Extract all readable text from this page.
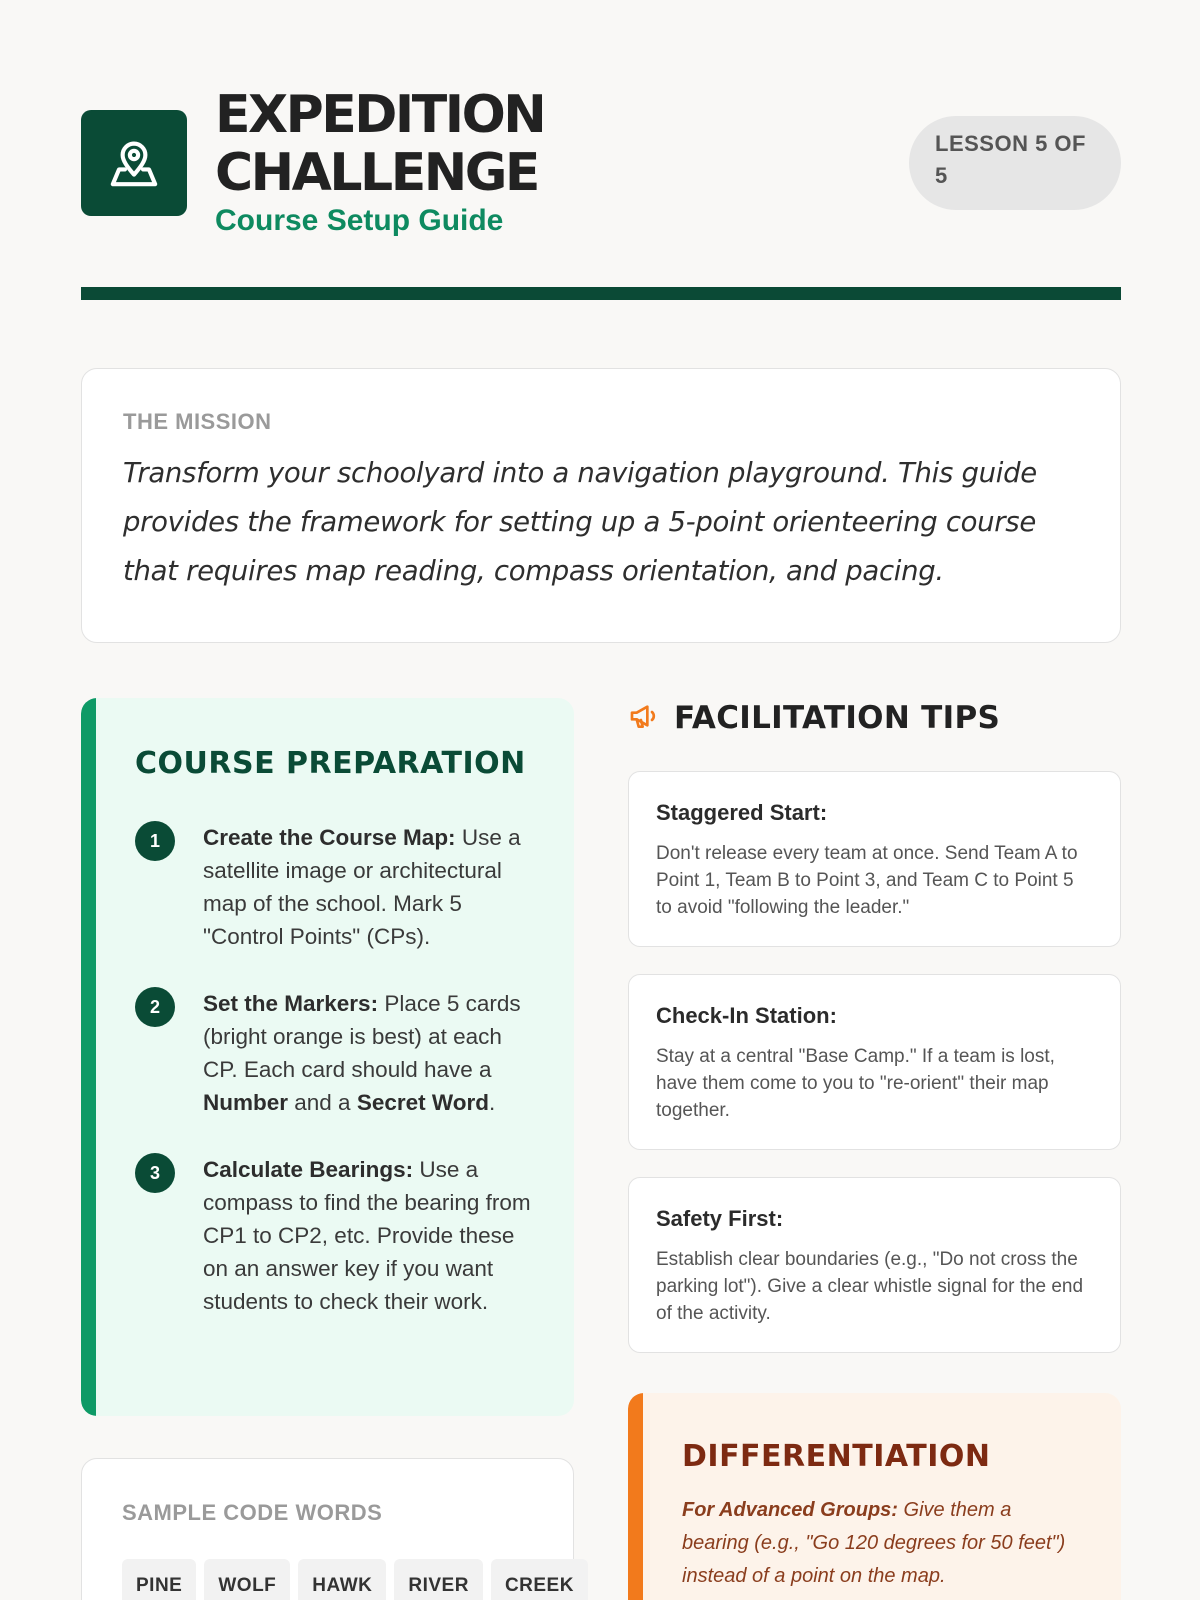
EXPEDITION
CHALLENGE
Course Setup Guide
LESSON 5 OF 5
THE MISSION
Transform your schoolyard into a navigation playground. This guide provides the framework for setting up a 5-point orienteering course that requires map reading, compass orientation, and pacing.
COURSE PREPARATION
1	Create the Course Map: Use a satellite image or architectural map of the school. Mark 5 "Control Points" (CPs).
2	Set the Markers: Place 5 cards (bright orange is best) at each CP. Each card should have a Number and a Secret Word.
3	Calculate Bearings: Use a compass to find the bearing from CP1 to CP2, etc. Provide these on an answer key if you want students to check their work.
SAMPLE CODE WORDS
PINE	WOLF	HAWK	RIVER	CREEK
FACILITATION TIPS
Staggered Start:
Don't release every team at once. Send Team A to Point 1, Team B to Point 3, and Team C to Point 5 to avoid "following the leader."
Check-In Station:
Stay at a central "Base Camp." If a team is lost, have them come to you to "re-orient" their map together.
Safety First:
Establish clear boundaries (e.g., "Do not cross the parking lot"). Give a clear whistle signal for the end of the activity.
DIFFERENTIATION
For Advanced Groups: Give them a bearing (e.g., "Go 120 degrees for 50 feet") instead of a point on the map.
